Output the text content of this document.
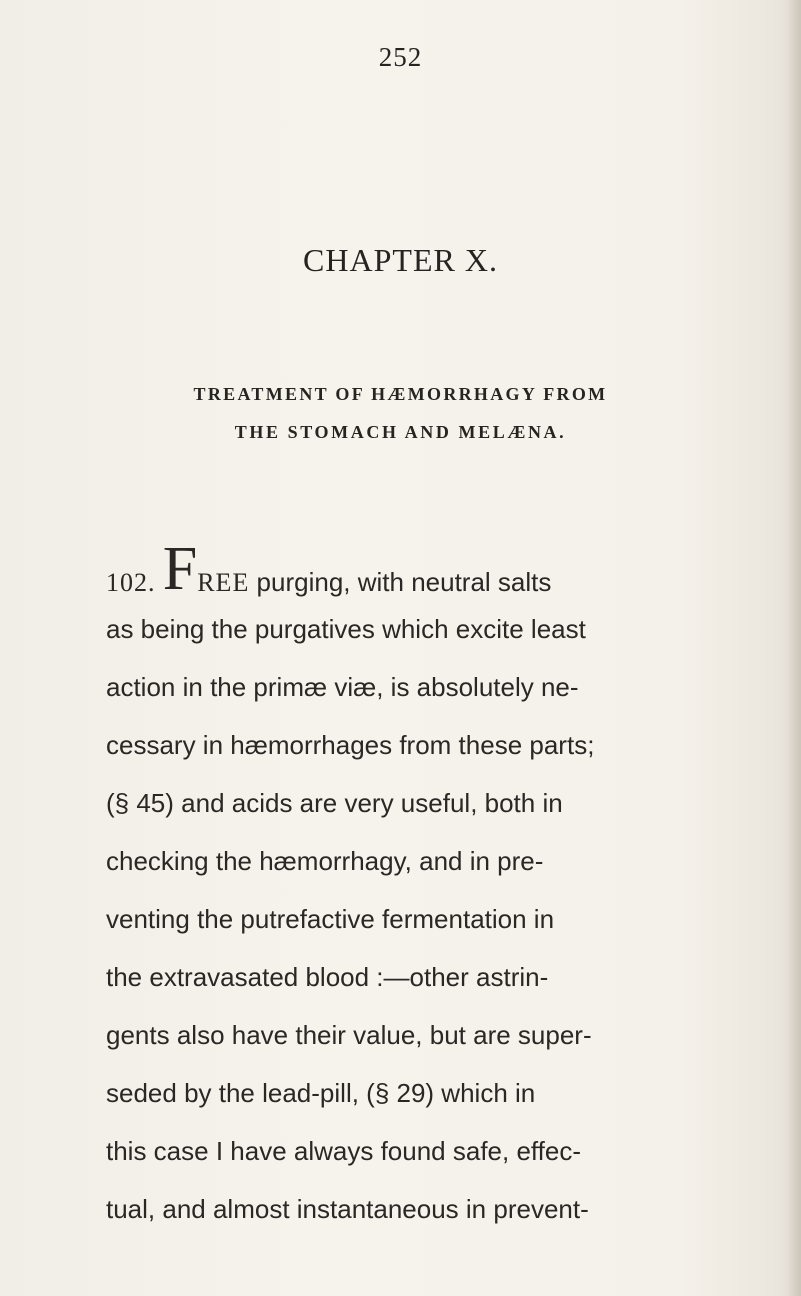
252
CHAPTER X.
TREATMENT OF HÆMORRHAGY FROM
THE STOMACH AND MELÆNA.
102. FREE purging, with neutral salts
as being the purgatives which excite least
action in the primæ viæ, is absolutely ne-
cessary in hæmorrhages from these parts;
(§ 45) and acids are very useful, both in
checking the hæmorrhagy, and in pre-
venting the putrefactive fermentation in
the extravasated blood :—other astrin-
gents also have their value, but are super-
seded by the lead-pill, (§ 29) which in
this case I have always found safe, effec-
tual, and almost instantaneous in prevent-
